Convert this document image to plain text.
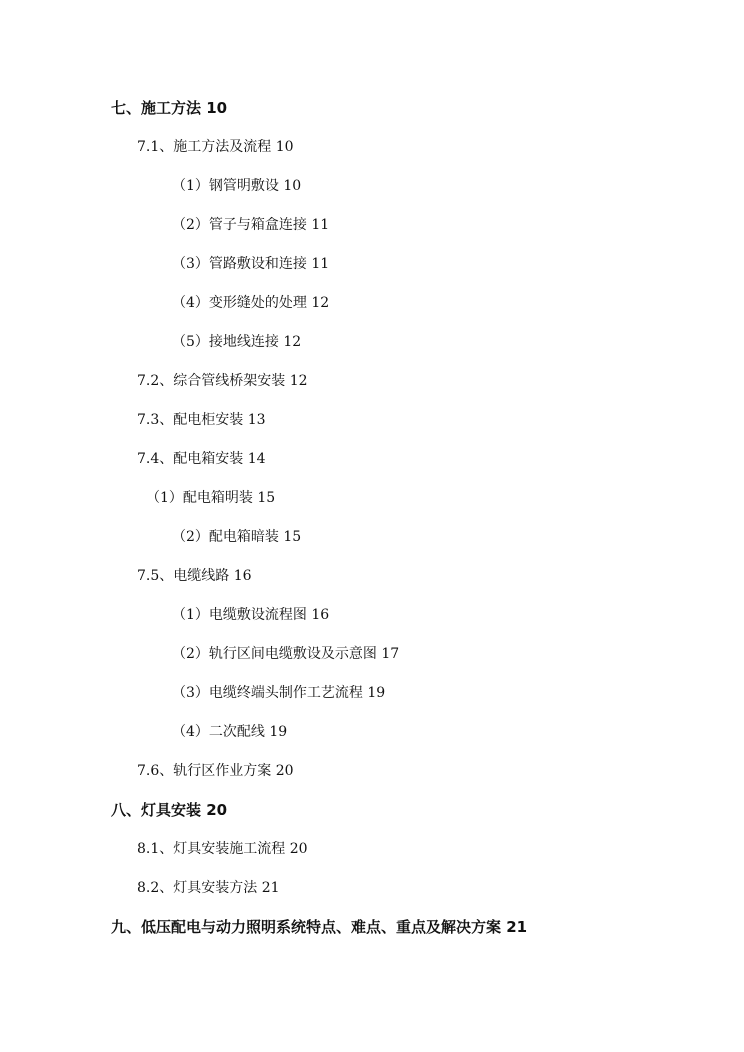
七、施工方法 10
7.1、施工方法及流程 10
（1）钢管明敷设 10
（2）管子与箱盒连接 11
（3）管路敷设和连接 11
（4）变形缝处的处理 12
（5）接地线连接 12
7.2、综合管线桥架安装 12
7.3、配电柜安装 13
7.4、配电箱安装 14
（1）配电箱明装 15
（2）配电箱暗装 15
7.5、电缆线路 16
（1）电缆敷设流程图 16
（2）轨行区间电缆敷设及示意图 17
（3）电缆终端头制作工艺流程 19
（4）二次配线 19
7.6、轨行区作业方案 20
八、灯具安装 20
8.1、灯具安装施工流程 20
8.2、灯具安装方法 21
九、低压配电与动力照明系统特点、难点、重点及解决方案 21
